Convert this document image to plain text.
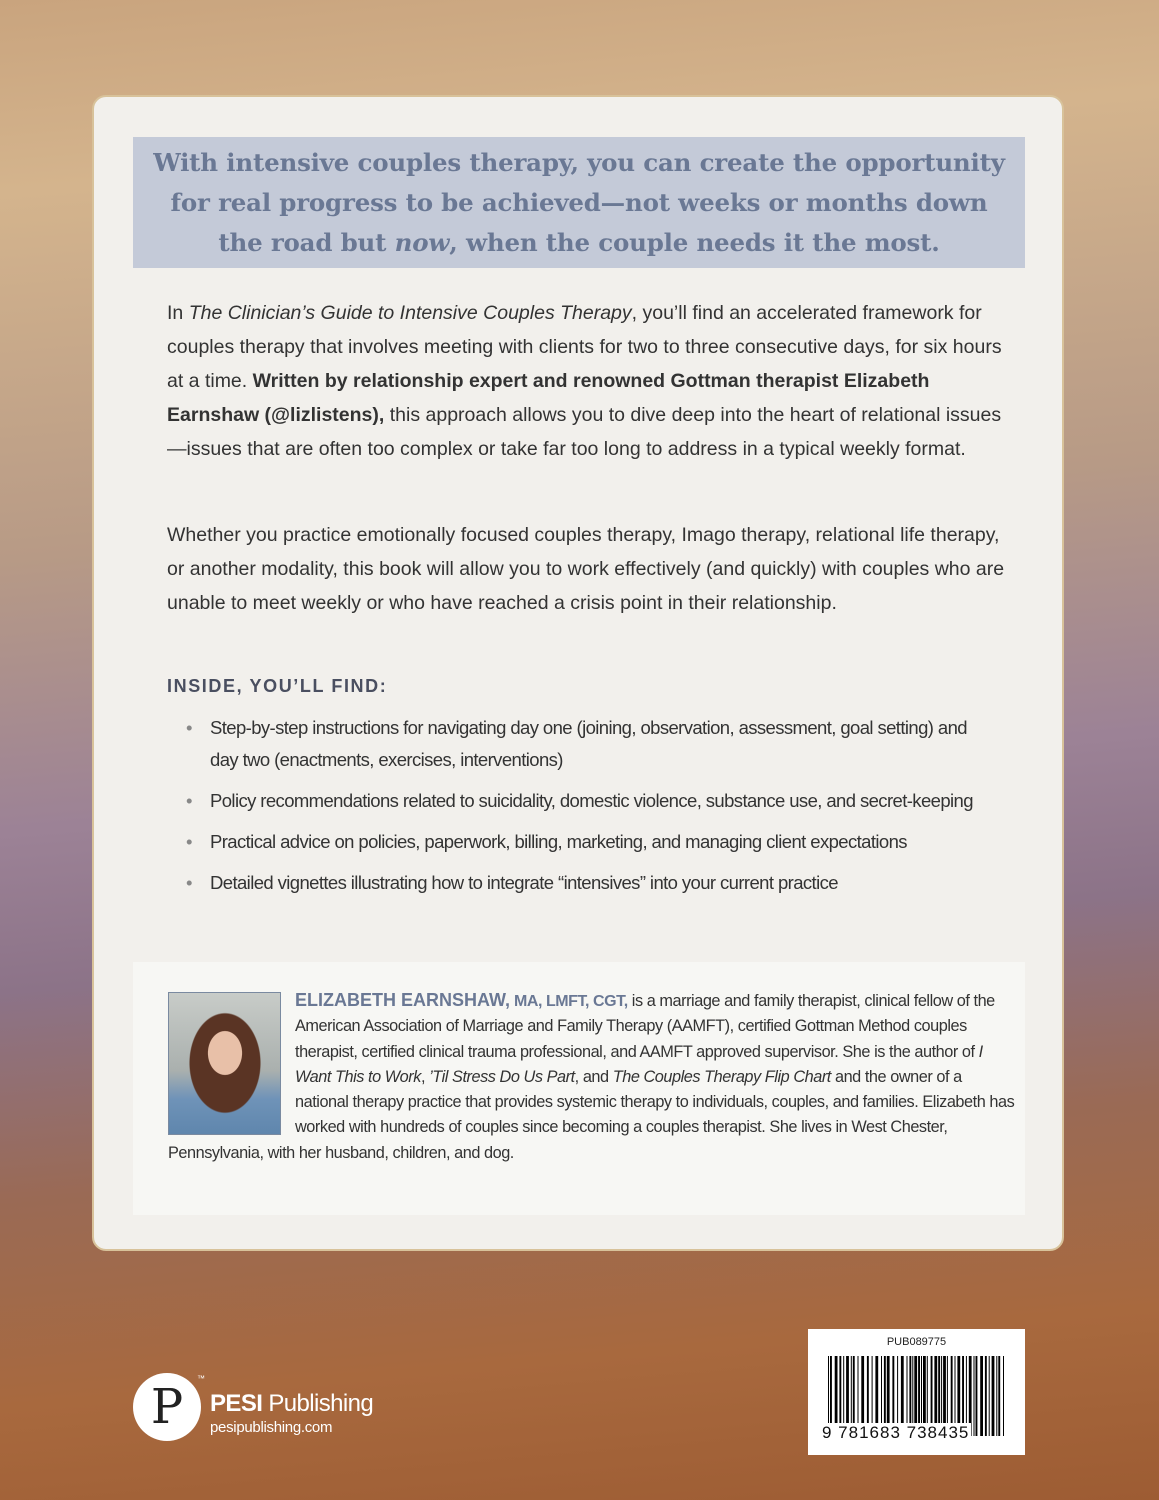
With intensive couples therapy, you can create the opportunity
for real progress to be achieved—not weeks or months down
the road but now, when the couple needs it the most.

In The Clinician’s Guide to Intensive Couples Therapy, you’ll find an accelerated framework for couples therapy that involves meeting with clients for two to three consecutive days, for six hours at a time. Written by relationship expert and renowned Gottman therapist Elizabeth Earnshaw (@lizlistens), this approach allows you to dive deep into the heart of relational issues—issues that are often too complex or take far too long to address in a typical weekly format.

Whether you practice emotionally focused couples therapy, Imago therapy, relational life therapy, or another modality, this book will allow you to work effectively (and quickly) with couples who are unable to meet weekly or who have reached a crisis point in their relationship.

INSIDE, YOU’LL FIND:
• Step-by-step instructions for navigating day one (joining, observation, assessment, goal setting) and day two (enactments, exercises, interventions)
• Policy recommendations related to suicidality, domestic violence, substance use, and secret-keeping
• Practical advice on policies, paperwork, billing, marketing, and managing client expectations
• Detailed vignettes illustrating how to integrate “intensives” into your current practice

ELIZABETH EARNSHAW, MA, LMFT, CGT, is a marriage and family therapist, clinical fellow of the American Association of Marriage and Family Therapy (AAMFT), certified Gottman Method couples therapist, certified clinical trauma professional, and AAMFT approved supervisor. She is the author of I Want This to Work, ’Til Stress Do Us Part, and The Couples Therapy Flip Chart and the owner of a national therapy practice that provides systemic therapy to individuals, couples, and families. Elizabeth has worked with hundreds of couples since becoming a couples therapist. She lives in West Chester, Pennsylvania, with her husband, children, and dog.

P
™
PESI Publishing
pesipublishing.com
PUB089775
9 781683 738435
